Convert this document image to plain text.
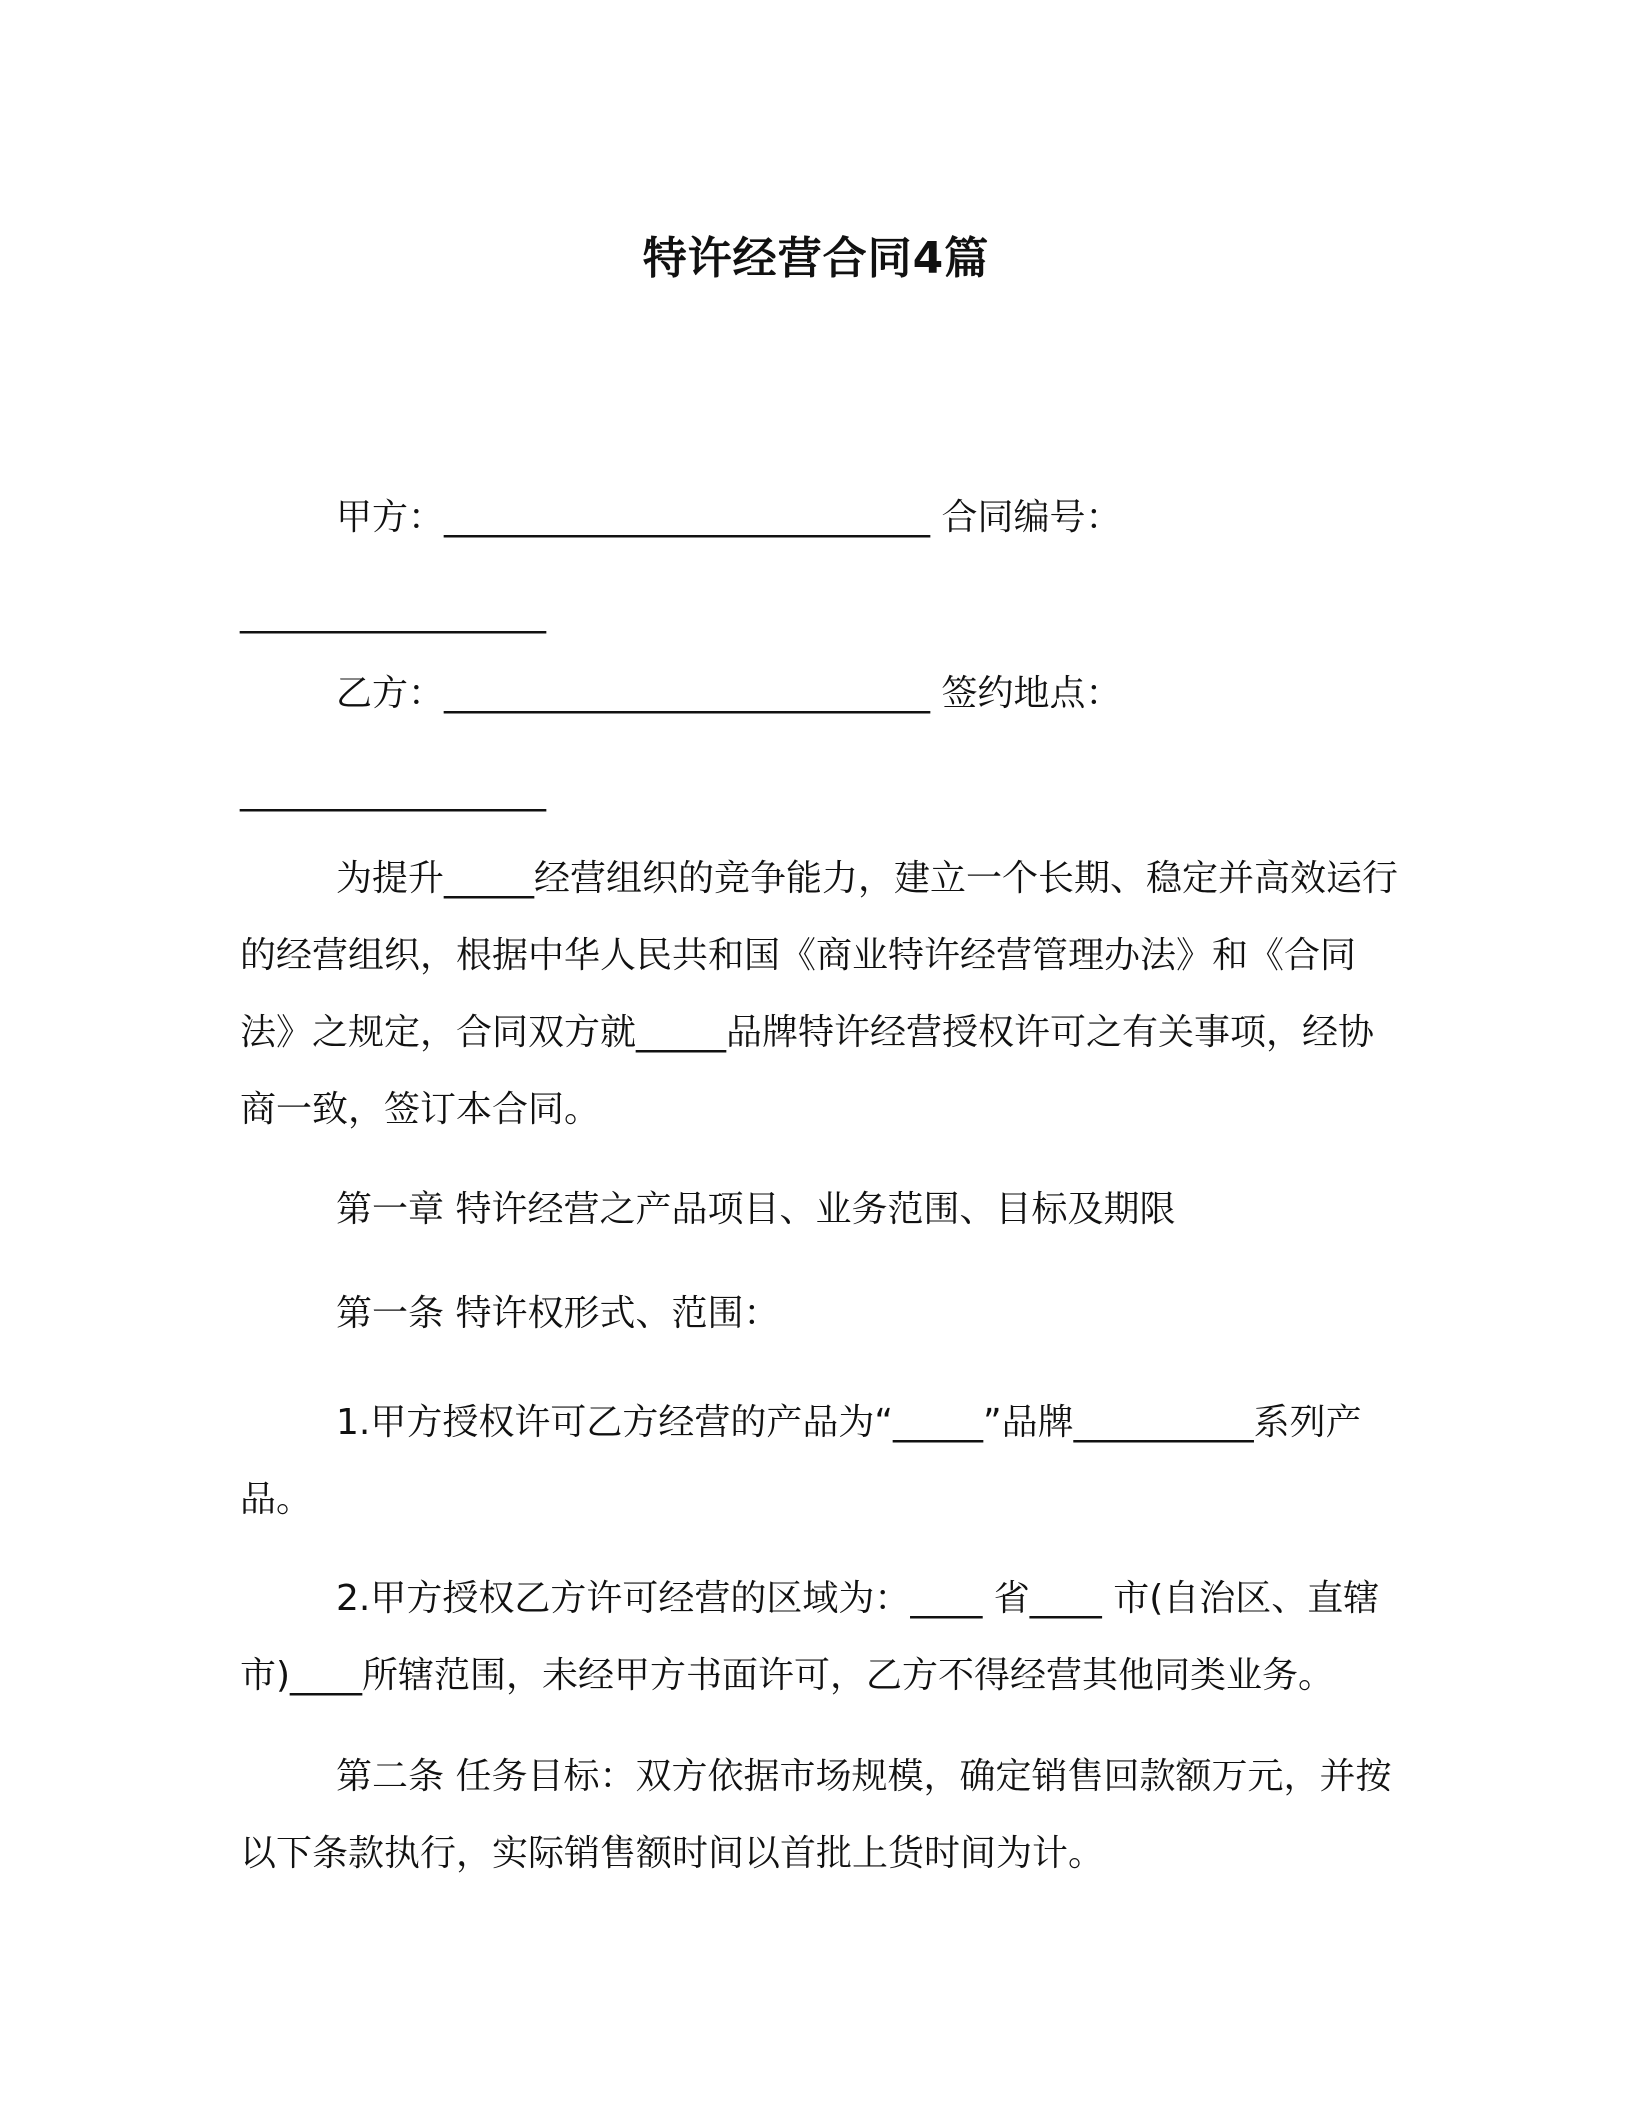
特许经营合同4篇
甲方：___________________________ 合同编号：
_________________
乙方：___________________________ 签约地点：
_________________
为提升_____经营组织的竞争能力，建立一个长期、稳定并高效运行的经营组织，根据中华人民共和国《商业特许经营管理办法》和《合同法》之规定，合同双方就_____品牌特许经营授权许可之有关事项，经协商一致，签订本合同。
第一章 特许经营之产品项目、业务范围、目标及期限
第一条 特许权形式、范围：
1.甲方授权许可乙方经营的产品为“_____”品牌__________系列产品。
2.甲方授权乙方许可经营的区域为：____ 省____ 市(自治区、直辖市)____所辖范围，未经甲方书面许可，乙方不得经营其他同类业务。
第二条 任务目标：双方依据市场规模，确定销售回款额万元，并按以下条款执行，实际销售额时间以首批上货时间为计。
